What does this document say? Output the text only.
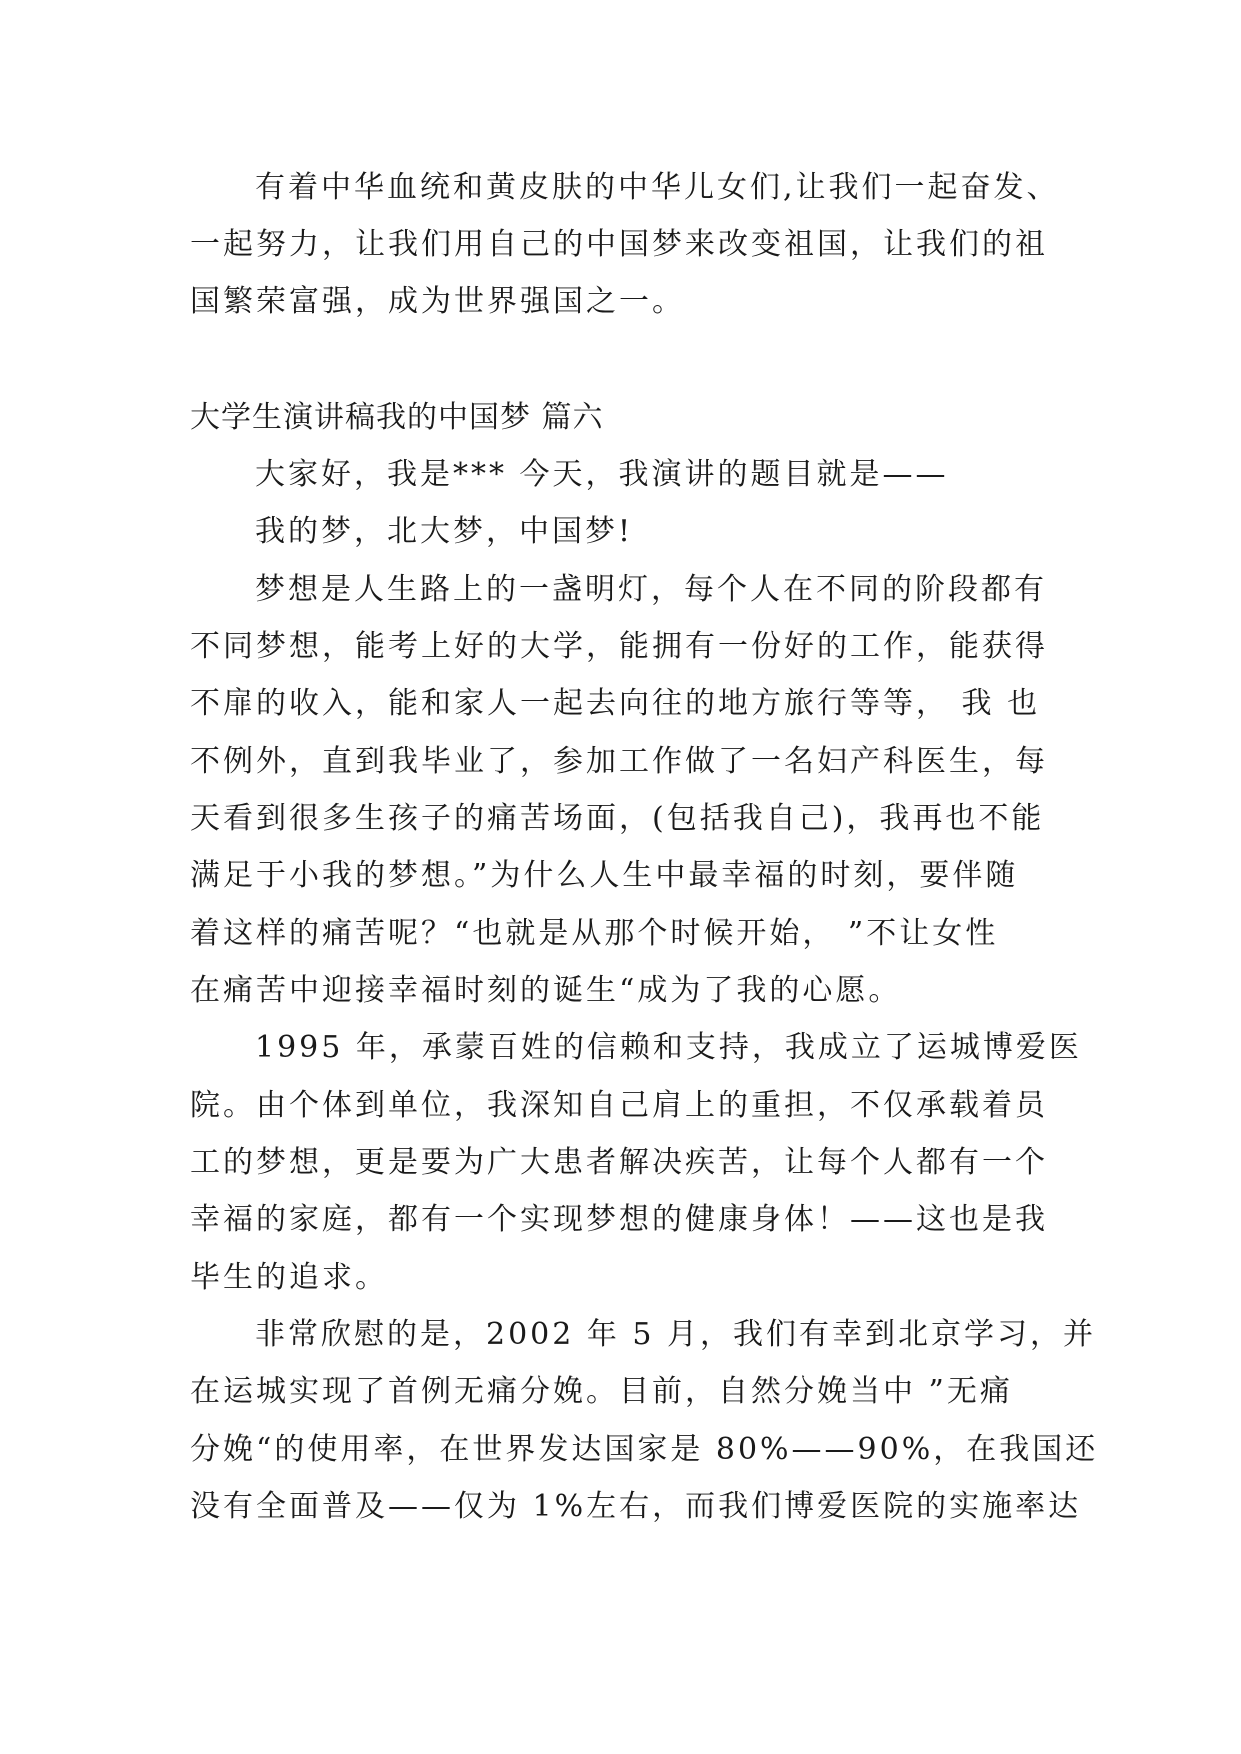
有着中华血统和黄皮肤的中华儿女们,让我们一起奋发、
一起努力，让我们用自己的中国梦来改变祖国，让我们的祖
国繁荣富强，成为世界强国之一。
大学生演讲稿我的中国梦 篇六
大家好，我是*** 今天，我演讲的题目就是——
我的梦，北大梦，中国梦!
梦想是人生路上的一盏明灯，每个人在不同的阶段都有
不同梦想，能考上好的大学，能拥有一份好的工作，能获得
不扉的收入，能和家人一起去向往的地方旅行等等， 我 也
不例外，直到我毕业了，参加工作做了一名妇产科医生，每
天看到很多生孩子的痛苦场面，(包括我自己)，我再也不能
满足于小我的梦想。”为什么人生中最幸福的时刻，要伴随
着这样的痛苦呢？“也就是从那个时候开始， ”不让女性
在痛苦中迎接幸福时刻的诞生“成为了我的心愿。
1995 年，承蒙百姓的信赖和支持，我成立了运城博爱医
院。由个体到单位，我深知自己肩上的重担，不仅承载着员
工的梦想，更是要为广大患者解决疾苦，让每个人都有一个
幸福的家庭，都有一个实现梦想的健康身体！——这也是我
毕生的追求。
非常欣慰的是，2002 年 5 月，我们有幸到北京学习，并
在运城实现了首例无痛分娩。目前，自然分娩当中 ”无痛
分娩“的使用率，在世界发达国家是 80%——90%，在我国还
没有全面普及——仅为 1%左右，而我们博爱医院的实施率达
